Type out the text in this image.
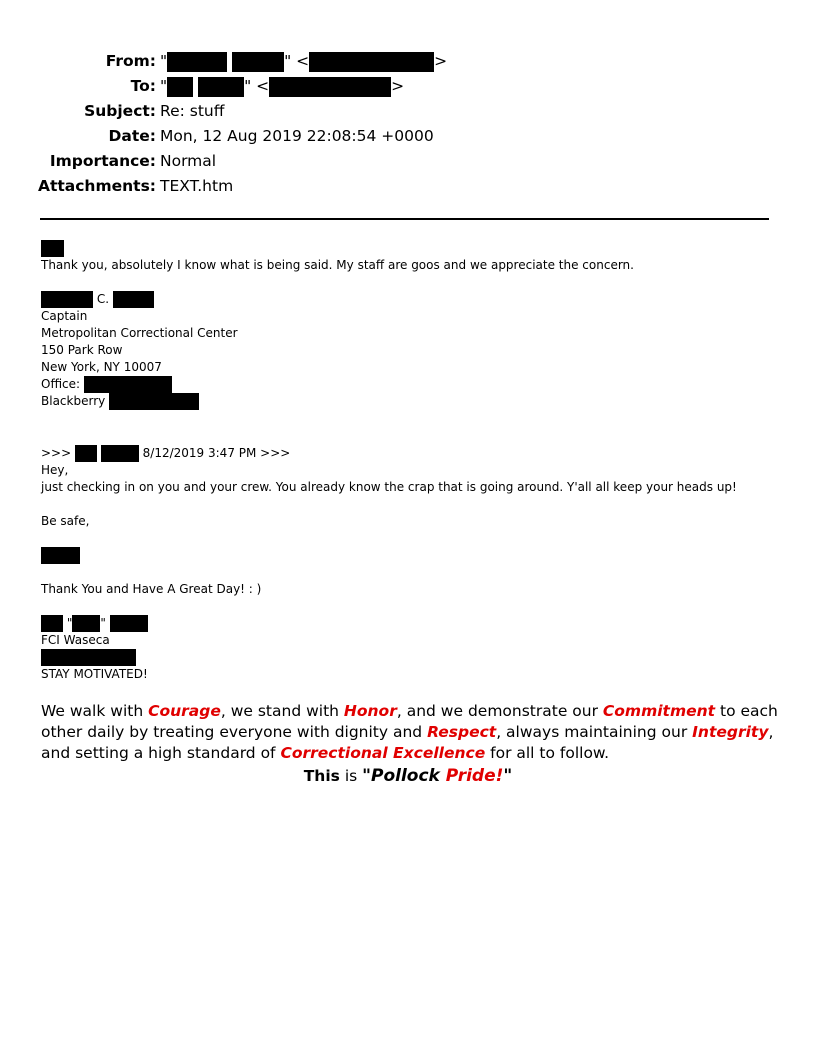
From: "	" <	>
To: "	" <	>
Subject: Re: stuff
Date: Mon, 12 Aug 2019 22:08:54 +0000
Importance: Normal
Attachments: TEXT.htm
Thank you, absolutely I know what is being said. My staff are goos and we appreciate the concern.
C.
Captain
Metropolitan Correctional Center
150 Park Row
New York, NY 10007
Office:
Blackberry
>>>	8/12/2019 3:47 PM >>>
Hey,
just checking in on you and your crew. You already know the crap that is going around. Y'all all keep your heads up!
Be safe,
Thank You and Have A Great Day! : )
" "
FCI Waseca
STAY MOTIVATED!
We walk with Courage, we stand with Honor, and we demonstrate our Commitment to each other daily by treating everyone with dignity and Respect, always maintaining our Integrity, and setting a high standard of Correctional Excellence for all to follow.
This is "Pollock Pride!"
